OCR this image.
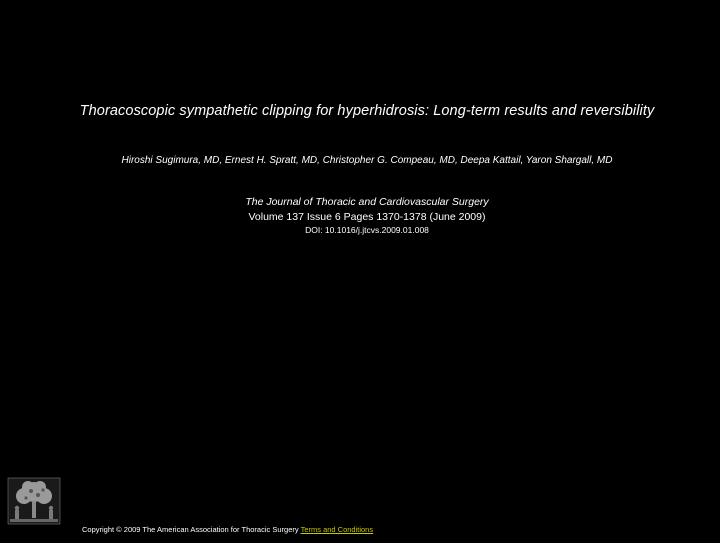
Thoracoscopic sympathetic clipping for hyperhidrosis: Long-term results and reversibility
Hiroshi Sugimura, MD, Ernest H. Spratt, MD, Christopher G. Compeau, MD, Deepa Kattail, Yaron Shargall, MD
The Journal of Thoracic and Cardiovascular Surgery
Volume 137 Issue 6 Pages 1370-1378 (June 2009)
DOI: 10.1016/j.jtcvs.2009.01.008
Copyright © 2009 The American Association for Thoracic Surgery Terms and Conditions
